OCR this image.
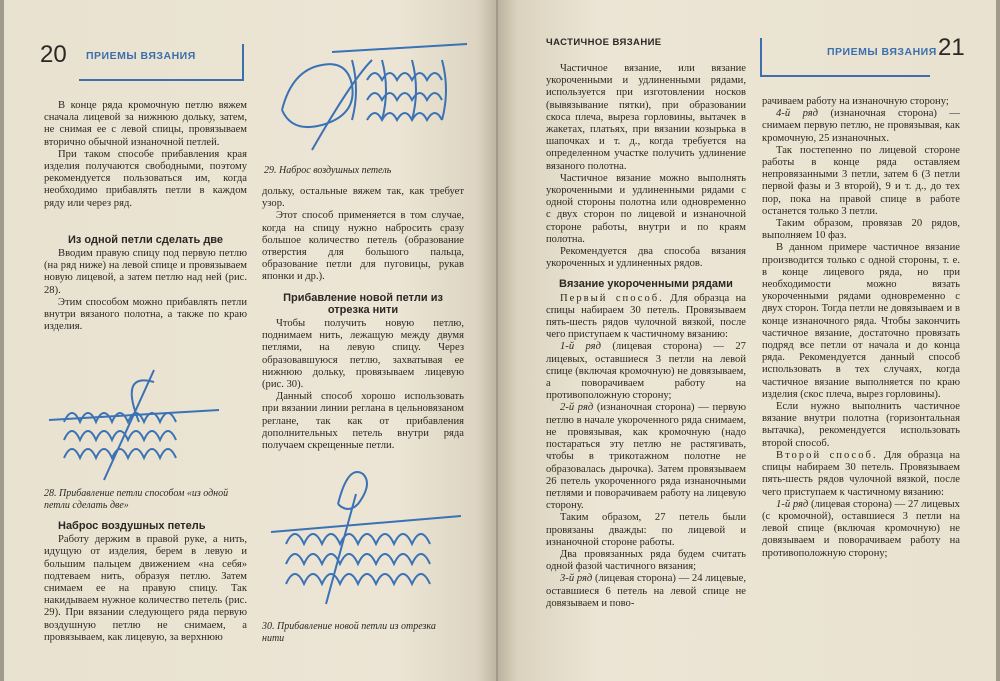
20 ПРИЕМЫ ВЯЗАНИЯ

В конце ряда кромочную петлю вяжем сначала лицевой за нижнюю дольку, затем, не снимая ее с левой спицы, провязываем вторично обычной изнаночной петлей.

При таком способе прибавления края изделия получаются свободными, поэтому рекомендуется пользоваться им, когда необходимо прибавлять петли в каждом ряду или через ряд.

Из одной петли сделать две

Вводим правую спицу под первую петлю (на ряд ниже) на левой спице и провязываем новую лицевой, а затем петлю над ней (рис. 28).

Этим способом можно прибавлять петли внутри вязаного полотна, а также по краю изделия.

28. Прибавление петли способом «из одной петли сделать две»
Наброс воздушных петель

Работу держим в правой руке, а нить, идущую от изделия, берем в левую и большим пальцем движением «на себя» подтеваем нить, образуя петлю. Затем снимаем ее на правую спицу. Так накидываем нужное количество петель (рис. 29). При вязании следующего ряда первую воздушную петлю не снимаем, а провязываем, как лицевую, за верхнюю

29. Наброс воздушных петель

дольку, остальные вяжем так, как требует узор.

Этот способ применяется в том случае, когда на спицу нужно набросить сразу большое количество петель (образование отверстия для большого пальца, образование петли для пуговицы, рукав японки и др.).

Прибавление новой петли из отрезка нити

Чтобы получить новую петлю, поднимаем нить, лежащую между двумя петлями, на левую спицу. Через образовавшуюся петлю, захватывая ее нижнюю дольку, провязываем лицевую (рис. 30).

Данный способ хорошо использовать при вязании линии реглана в цельновязаном реглане, так как от прибавления дополнительных петель внутри ряда получаем скрещенные петли.

30. Прибавление новой петли из отрезка нити
ЧАСТИЧНОЕ ВЯЗАНИЕ
ПРИЕМЫ ВЯЗАНИЯ 21

Частичное вязание, или вязание укороченными и удлиненными рядами, используется при изготовлении носков (вывязывание пятки), при образовании скоса плеча, выреза горловины, вытачек в жакетах, платьях, при вязании козырька в шапочках и т. д., когда требуется на определенном участке получить удлинение вязаного полотна.

Частичное вязание можно выполнять укороченными и удлиненными рядами с одной стороны полотна или одновременно с двух сторон по лицевой и изнаночной стороне работы, внутри и по краям полотна.

Рекомендуется два способа вязания укороченных и удлиненных рядов.

Вязание укороченными рядами

Первый способ. Для образца на спицы набираем 30 петель. Провязываем пять-шесть рядов чулочной вязкой, после чего приступаем к частичному вязанию:

1-й ряд (лицевая сторона) — 27 лицевых, оставшиеся 3 петли на левой спице (включая кромочную) не довязываем, а поворачиваем работу на противоположную сторону;

2-й ряд (изнаночная сторона) — первую петлю в начале укороченного ряда снимаем, не провязывая, как кромочную (надо постараться эту петлю не растягивать, чтобы в трикотажном полотне не образовалась дырочка). Затем провязываем 26 петель укороченного ряда изнаночными петлями и поворачиваем работу на лицевую сторону.

Таким образом, 27 петель были провязаны дважды: по лицевой и изнаночной стороне работы.

Два провязанных ряда будем считать одной фазой частичного вязания;

3-й ряд (лицевая сторона) — 24 лицевые, оставшиеся 6 петель на левой спице не довязываем и пово-

рачиваем работу на изнаночную сторону;

4-й ряд (изнаночная сторона) — снимаем первую петлю, не провязывая, как кромочную, 25 изнаночных.

Так постепенно по лицевой стороне работы в конце ряда оставляем непровязанными 3 петли, затем 6 (3 петли первой фазы и 3 второй), 9 и т. д., до тех пор, пока на правой спице в работе останется только 3 петли.

Таким образом, провязав 20 рядов, выполняем 10 фаз.

В данном примере частичное вязание производится только с одной стороны, т. е. в конце лицевого ряда, но при необходимости можно вязать укороченными рядами одновременно с двух сторон. Тогда петли не довязываем и в конце изнаночного ряда. Чтобы закончить частичное вязание, достаточно провязать подряд все петли от начала и до конца ряда. Рекомендуется данный способ использовать в тех случаях, когда частичное вязание выполняется по краю изделия (скос плеча, вырез горловины).

Если нужно выполнить частичное вязание внутри полотна (горизонтальная вытачка), рекомендуется использовать второй способ.

Второй способ. Для образца на спицы набираем 30 петель. Провязываем пять-шесть рядов чулочной вязкой, после чего приступаем к частичному вязанию:

1-й ряд (лицевая сторона) — 27 лицевых (с кромочной), оставшиеся 3 петли на левой спице (включая кромочную) не довязываем и поворачиваем работу на противоположную сторону;
